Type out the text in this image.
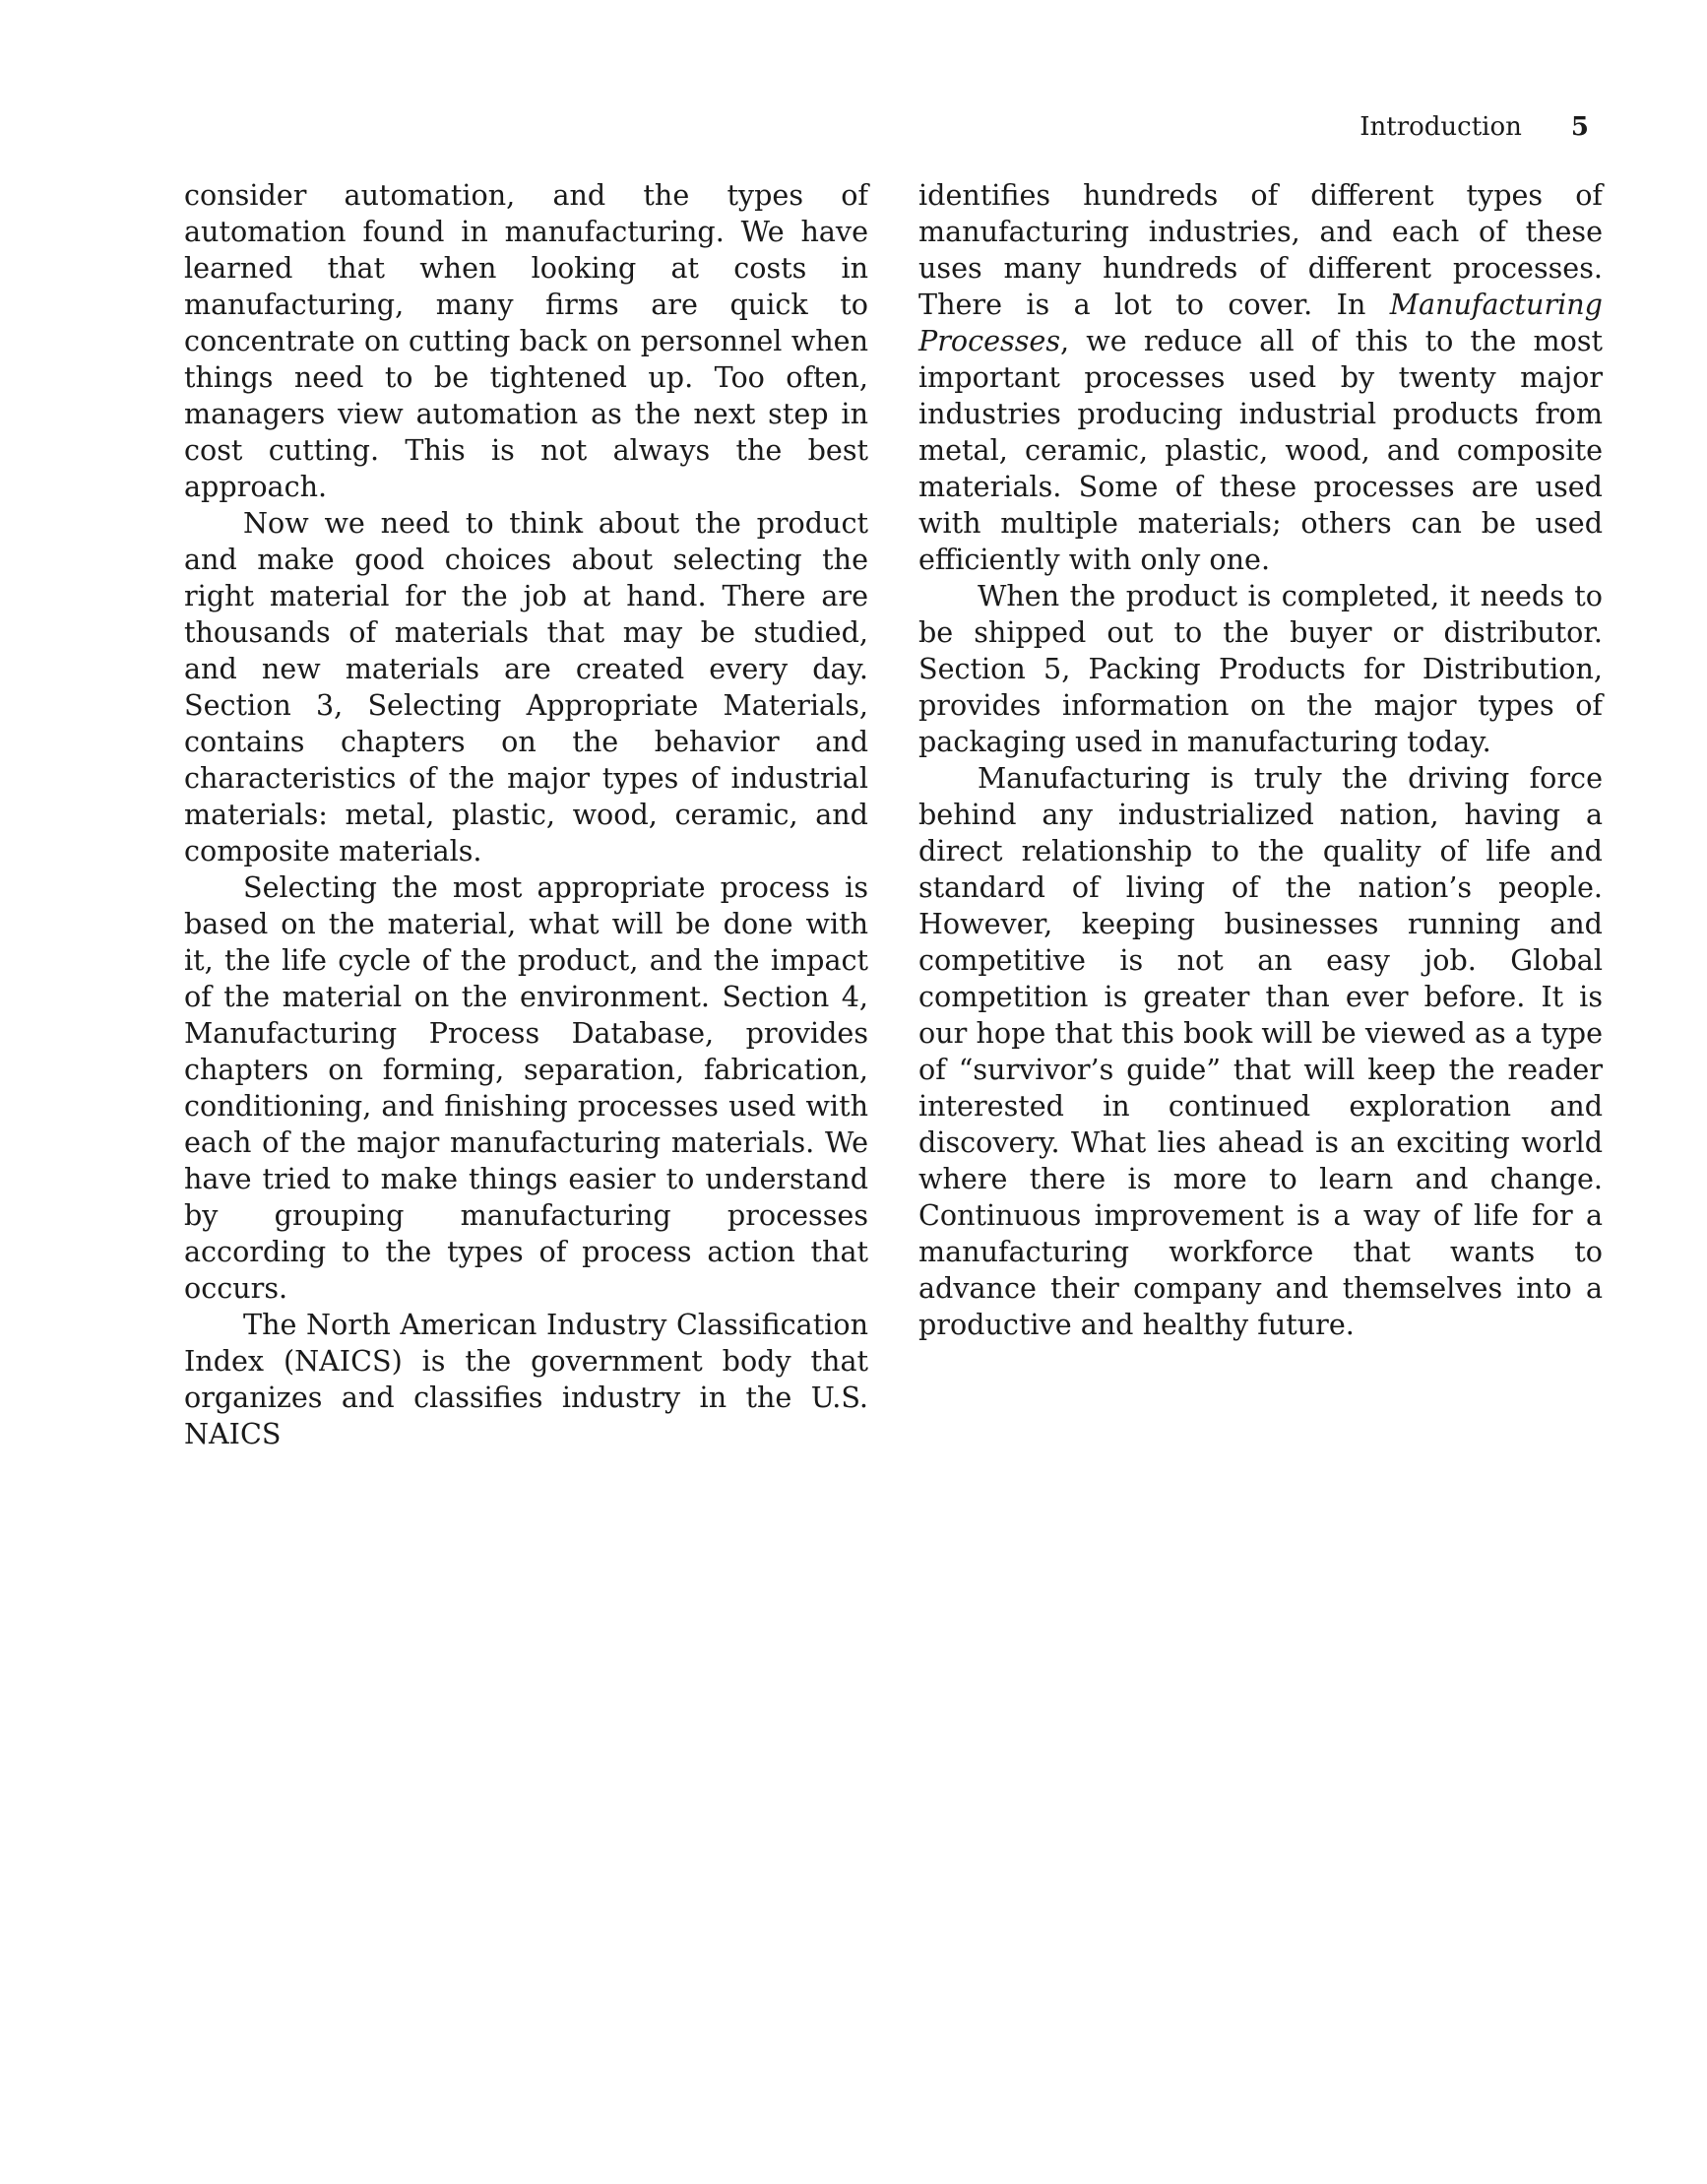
Introduction 5

consider automation, and the types of automation found in manufacturing. We have learned that when looking at costs in manufacturing, many firms are quick to concentrate on cutting back on personnel when things need to be tightened up. Too often, managers view automation as the next step in cost cutting. This is not always the best approach.

Now we need to think about the product and make good choices about selecting the right material for the job at hand. There are thousands of materials that may be studied, and new materials are created every day. Section 3, Selecting Appropriate Materials, contains chapters on the behavior and characteristics of the major types of industrial materials: metal, plastic, wood, ceramic, and composite materials.

Selecting the most appropriate process is based on the material, what will be done with it, the life cycle of the product, and the impact of the material on the environment. Section 4, Manufacturing Process Database, provides chapters on forming, separation, fabrication, conditioning, and finishing processes used with each of the major manufacturing materials. We have tried to make things easier to understand by grouping manufacturing processes according to the types of process action that occurs.

The North American Industry Classification Index (NAICS) is the government body that organizes and classifies industry in the U.S. NAICS

identifies hundreds of different types of manufacturing industries, and each of these uses many hundreds of different processes. There is a lot to cover. In Manufacturing Processes, we reduce all of this to the most important processes used by twenty major industries producing industrial products from metal, ceramic, plastic, wood, and composite materials. Some of these processes are used with multiple materials; others can be used efficiently with only one.

When the product is completed, it needs to be shipped out to the buyer or distributor. Section 5, Packing Products for Distribution, provides information on the major types of packaging used in manufacturing today.

Manufacturing is truly the driving force behind any industrialized nation, having a direct relationship to the quality of life and standard of living of the nation’s people. However, keeping businesses running and competitive is not an easy job. Global competition is greater than ever before. It is our hope that this book will be viewed as a type of “survivor’s guide” that will keep the reader interested in continued exploration and discovery. What lies ahead is an exciting world where there is more to learn and change. Continuous improvement is a way of life for a manufacturing workforce that wants to advance their company and themselves into a productive and healthy future.
